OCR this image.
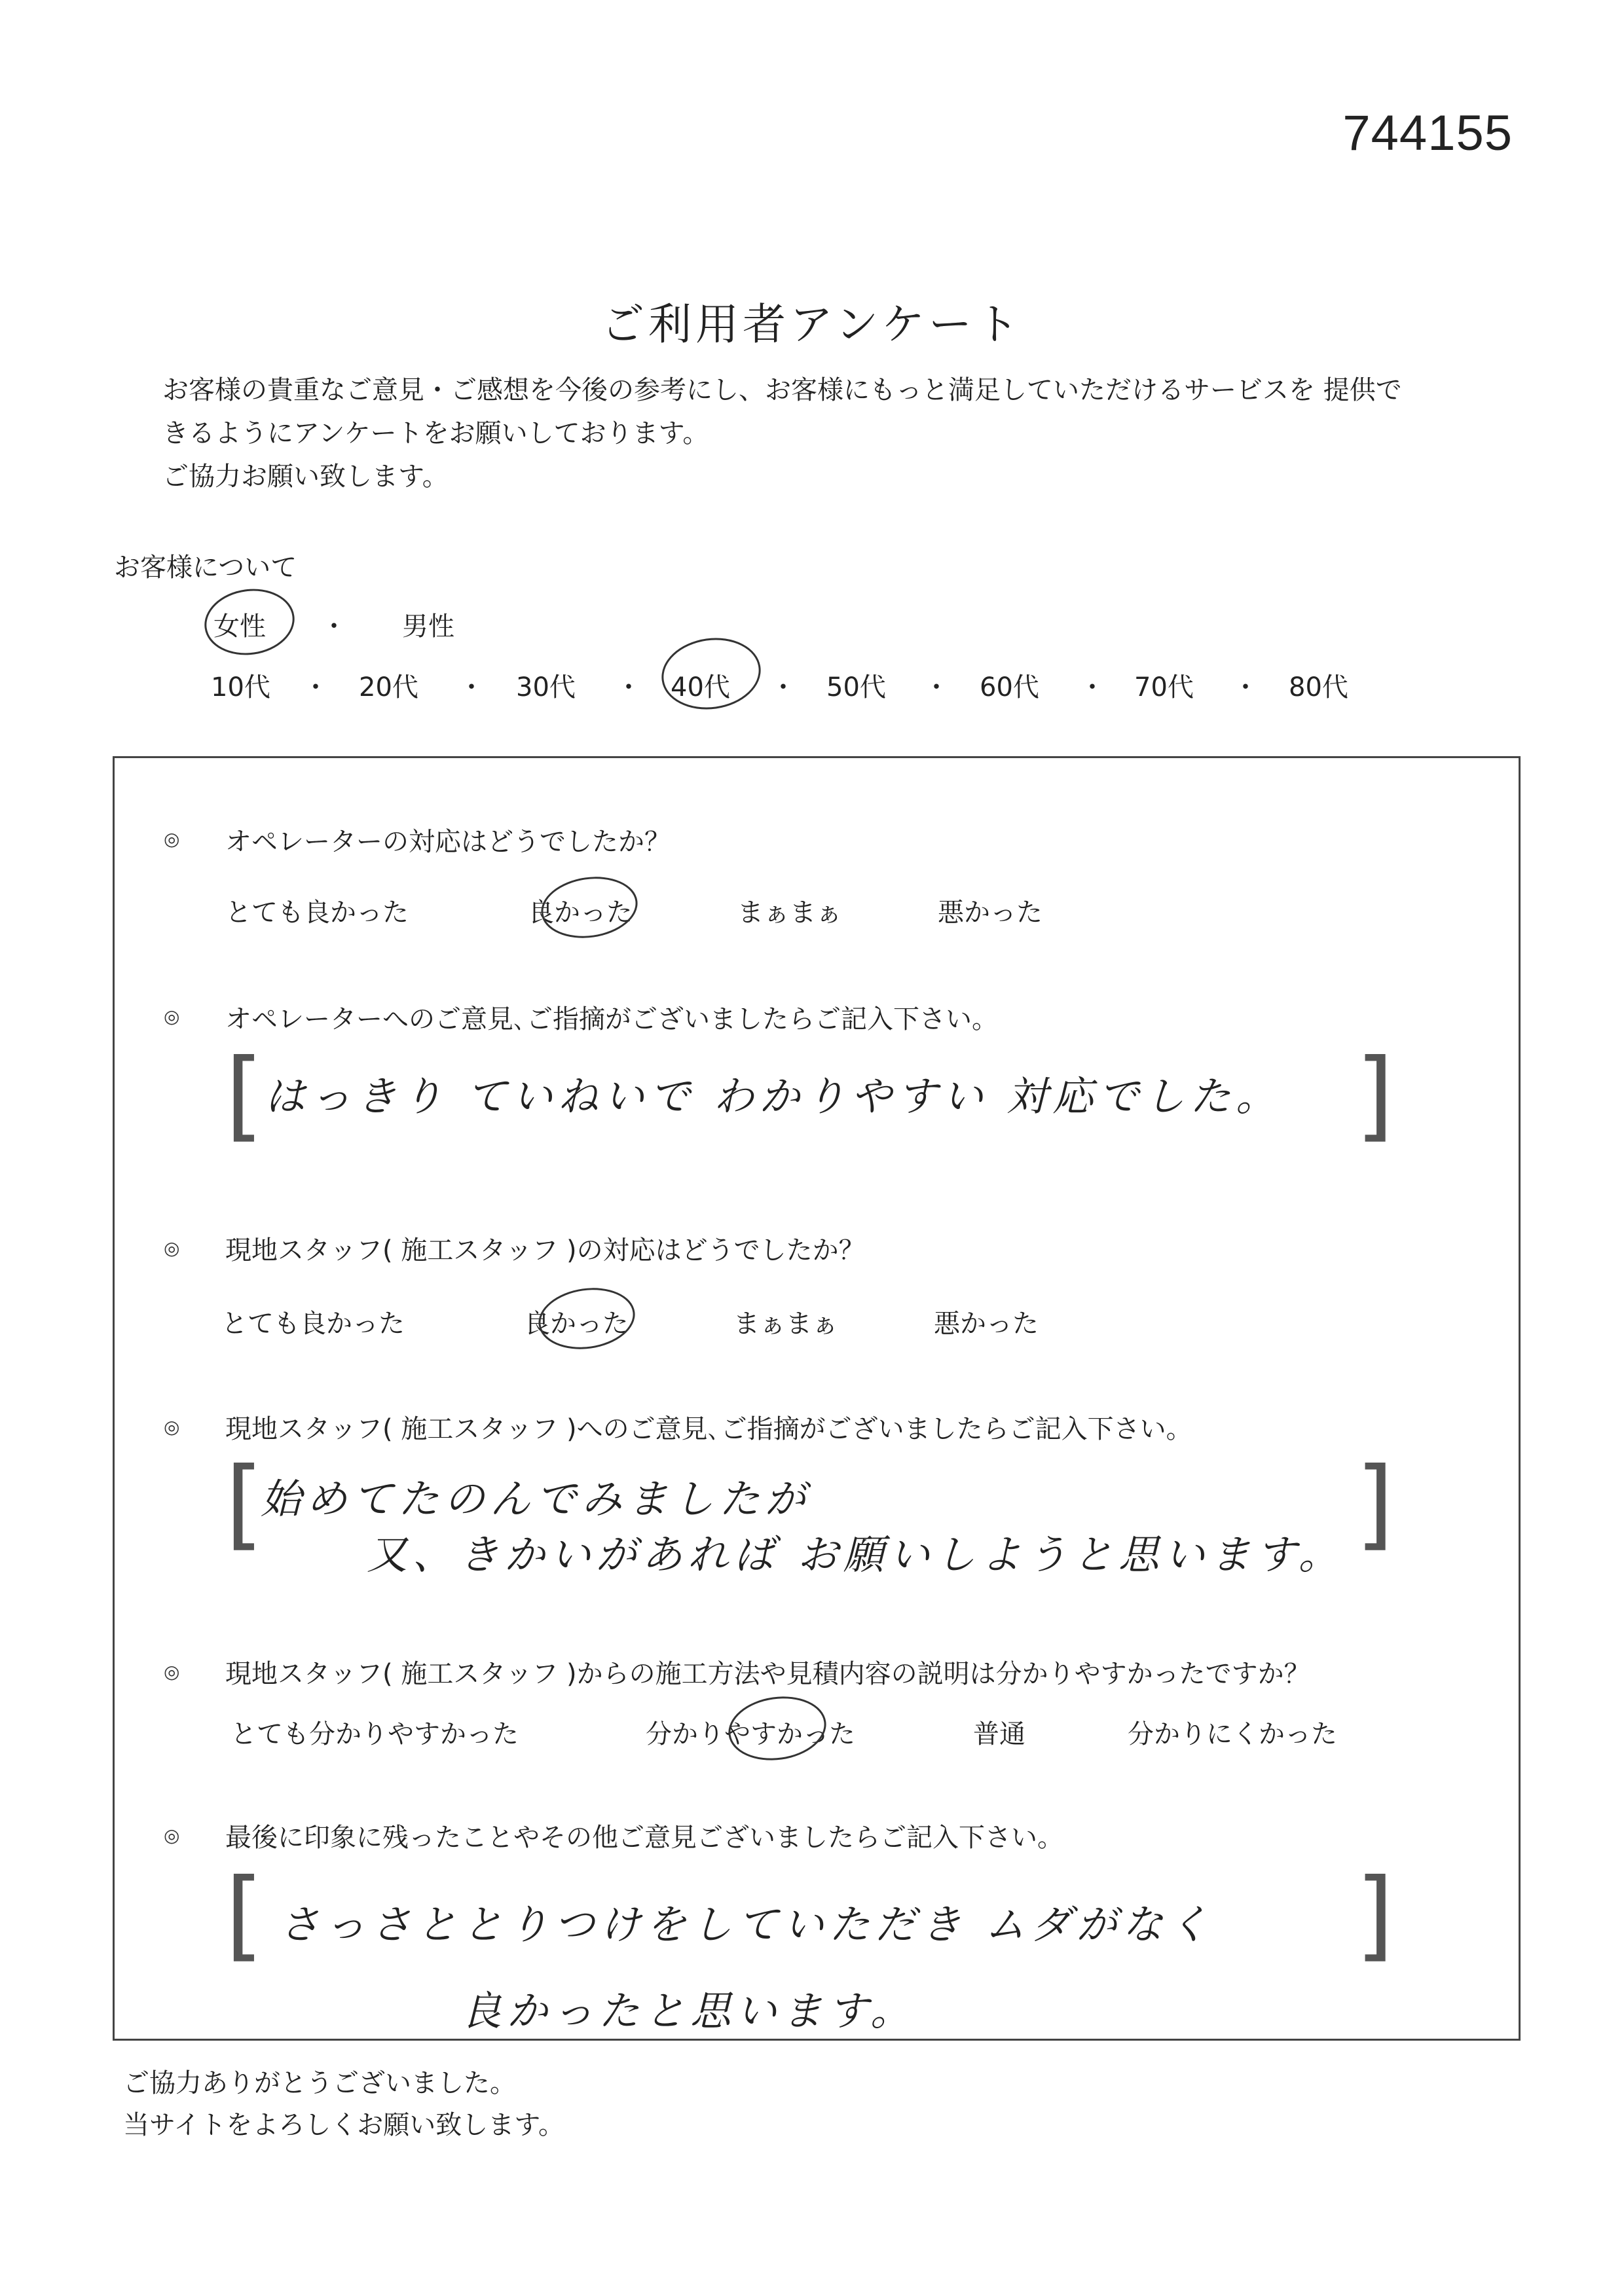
744155
ご利用者アンケート
お客様の貴重なご意見・ご感想を今後の参考にし、お客様にもっと満足していただけるサービスを 提供で
きるようにアンケートをお願いしております。
ご協力お願い致します。
お客様について
女性 ・ 男性
10代 ・ 20代 ・ 30代 ・ 40代 ・ 50代 ・ 60代 ・ 70代 ・ 80代
◎ オペレーターの対応はどうでしたか？
とても良かった	良かった	まぁまぁ	悪かった
◎ オペレーターへのご意見､ご指摘がございましたらご記入下さい。
[ はっきり ていねいで わかりやすい 対応でした。 ]
◎ 現地スタッフ( 施工スタッフ )の対応はどうでしたか？
とても良かった	良かった	まぁまぁ	悪かった
◎ 現地スタッフ( 施工スタッフ )へのご意見､ご指摘がございましたらご記入下さい。
[
始めてたのんでみましたが
又、きかいがあれば お願いしようと思います。 ]
◎ 現地スタッフ( 施工スタッフ )からの施工方法や見積内容の説明は分かりやすかったですか？
とても分かりやすかった	分かりやすかった	普通	分かりにくかった
◎ 最後に印象に残ったことやその他ご意見ございましたらご記入下さい。
[ さっさととりつけをしていただき ムダがなく
良かったと思います。
]
ご協力ありがとうございました。
当サイトをよろしくお願い致します。
